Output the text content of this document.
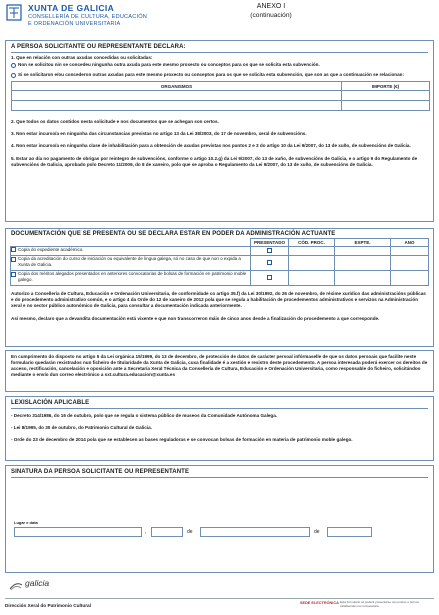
XUNTA DE GALICIA
CONSELLERÍA DE CULTURA, EDUCACIÓN
E ORDENACIÓN UNIVERSITARIA
ANEXO I
(continuación)
A PERSOA SOLICITANTE OU REPRESENTANTE DECLARA:
1. Que en relación con outras axudas concedidas ou solicitadas:
Non se solicitou nin se concedeu ningunha outra axuda para este mesmo proxecto ou conceptos para os que se solicita esta subvención.
Si se solicitaron e/ou concederon outras axudas para este mesmo proxecto ou conceptos para os que se solicita esta subvención, que son as que a continuación se relacionan:
ORGANISMOS	IMPORTE (€)

2. Que todos os datos contidos nesta solicitude e nos documentos que se achegan son certos.
3. Non estar incurso/a en ningunha das circunstancias previstas no artigo 13 da Lei 38/2003, do 17 de novembro, xeral de subvencións.
4. Non estar incurso/a en ningunha clase de inhabilitación para a obtención de axudas previstas nos puntos 2 e 3 do artigo 10 da Lei 9/2007, do 13 de xuño, de subvencións de Galicia.
5. Estar ao día no pagamento de obrigas por reintegro de subvencións, conforme o artigo 10.2.g) da Lei 9/2007, do 13 de xuño, de subvencións de Galicia, e o artigo 9 do Regulamento de subvencións de Galicia, aprobado polo Decreto 11/2009, do 8 de xaneiro, polo que se aproba o Regulamento da Lei 9/2007, do 13 de xuño, de subvencións de Galicia.
DOCUMENTACIÓN QUE SE PRESENTA OU SE DECLARA ESTAR EN PODER DA ADMINISTRACIÓN ACTUANTE
	PRESENTADO	CÓD. PROC.	EXPTE.	ANO
Copia do expediente académico.				

Copia da acreditación do curso de iniciación ou equivalente de lingua galega, só no caso de que non o expida a Xunta de Galicia.				

Copia dos méritos alegados presentados en anteriores convocatorias de bolsas de formación en patrimonio moble galego.				

Autorizo a Consellería de Cultura, Educación e Ordenación Universitaria, de conformidade co artigo 35.f) da Lei 30/1992, do 26 de novembro, de réxime xurídico das administracións públicas e do procedemento administrativo común, e o artigo 4 da Orde do 12 de xaneiro de 2012 pola que se regula a habilitación de procedementos administrativos e servizos na Administración xeral e no sector público autonómico de Galicia, para consultar a documentación indicada anteriormente.
Así mesmo, declaro que a devandita documentación está vixente e que non transcorreron máis de cinco anos desde a finalización do procedemento a que corresponde.
En cumprimento do disposto no artigo 5 da Lei orgánica 15/1999, do 13 de decembro, de protección de datos de carácter persoal infórmaselle de que os datos persoais que facilite neste formulario quedarán rexistrados nun ficheiro de titularidade da Xunta de Galicia, cuxa finalidade é a xestión e rexistro deste procedemento. A persoa interesada poderá exercer os dereitos de acceso, rectificación, cancelación e oposición ante a Secretaría Xeral Técnica da Consellería de Cultura, Educación e Ordenación Universitaria, como responsable do ficheiro, solicitándoo mediante o envío dun correo electrónico a sxt.cultura.educacion@xunta.es
LEXISLACIÓN APLICABLE
- Decreto 314/1986, do 16 de outubro, polo que se regula o sistema público de museos da Comunidade Autónoma Galega.
- Lei 8/1995, do 30 de outubro, do Patrimonio Cultural de Galicia.
- Orde do 23 de decembro de 2014 pola que se establecen as bases reguladoras e se convocan bolsas de formación en materia de patrimonio moble galego.
SINATURA DA PERSOA SOLICITANTE OU REPRESENTANTE
Lugar e data
,	de	de
galicia
Dirección Xeral do Patrimonio Cultural	SEDE ELECTRÓNICA Esta formulario só poderá presentarse nos prazos e termos establecidos na convocatoria
